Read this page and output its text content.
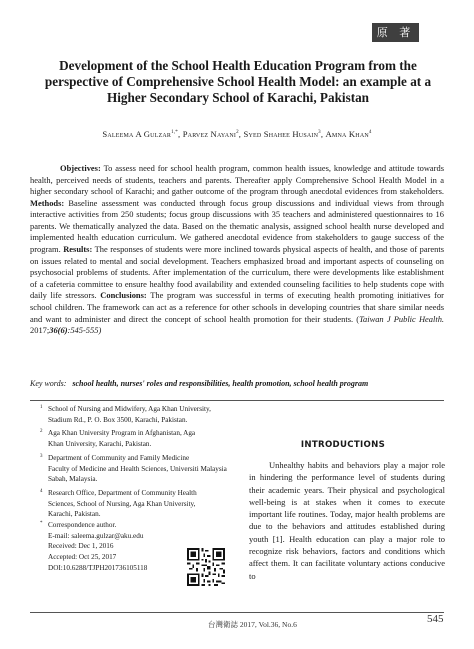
原 著
Development of the School Health Education Program from the perspective of Comprehensive School Health Model: an example at a Higher Secondary School of Karachi, Pakistan
Saleema A Gulzar$^{1,*}$, Parvez Nayani$^2$, Syed Shahee Husain$^3$, Amna Khan$^4$
Objectives: To assess need for school health program, common health issues, knowledge and attitude towards health, perceived needs of students, teachers and parents. Thereafter apply Comprehensive School Health Model in a higher secondary school of Karachi; and gather outcome of the program through anecdotal evidences from stakeholders. Methods: Baseline assessment was conducted through focus group discussions and individual views from through interactive activities from 250 students; focus group discussions with 35 teachers and administered questionnaires to 16 parents. We thematically analyzed the data. Based on the thematic analysis, assigned school health nurse developed and implemented health education curriculum. We gathered anecdotal evidence from stakeholders to gauge success of the program. Results: The responses of students were more inclined towards physical aspects of health, and those of parents on issues related to mental and social development. Teachers emphasized broad and important aspects of counseling on psychosocial problems of students. After implementation of the curriculum, there were developments like establishment of a cafeteria committee to ensure healthy food availability and extended counseling facilities to help students cope with daily life stressors. Conclusions: The program was successful in terms of executing health promoting initiatives for school children. The framework can act as a reference for other schools in developing countries that share similar needs and want to administer and direct the concept of school health promotion for their students. (Taiwan J Public Health. 2017;36(6):545-555)
Key words: school health, nurses' roles and responsibilities, health promotion, school health program
1 School of Nursing and Midwifery, Aga Khan University,
Stadium Rd., P. O. Box 3500, Karachi, Pakistan.
2 Aga Khan University Program in Afghanistan, Aga
Khan University, Karachi, Pakistan.
3 Department of Community and Family Medicine
Faculty of Medicine and Health Sciences, Universiti Malaysia Sabah, Malaysia.
4 Research Office, Department of Community Health
Sciences, School of Nursing, Aga Khan University,
Karachi, Pakistan.
* Correspondence author.
E-mail: saleema.gulzar@aku.edu
Received: Dec 1, 2016
Accepted: Oct 25, 2017
DOI:10.6288/TJPH201736105118
INTRODUCTIONS
Unhealthy habits and behaviors play a major role in hindering the performance level of students during their academic years. Their physical and psychological well-being is at stakes when it comes to execute important life routines. Today, major health problems are due to the behaviors and attitudes established during youth [1]. Health education can play a major role to recognize risk behaviors, factors and conditions which affect them. It can facilitate voluntary actions conducive to
台灣衛誌 2017, Vol.36, No.6	545
